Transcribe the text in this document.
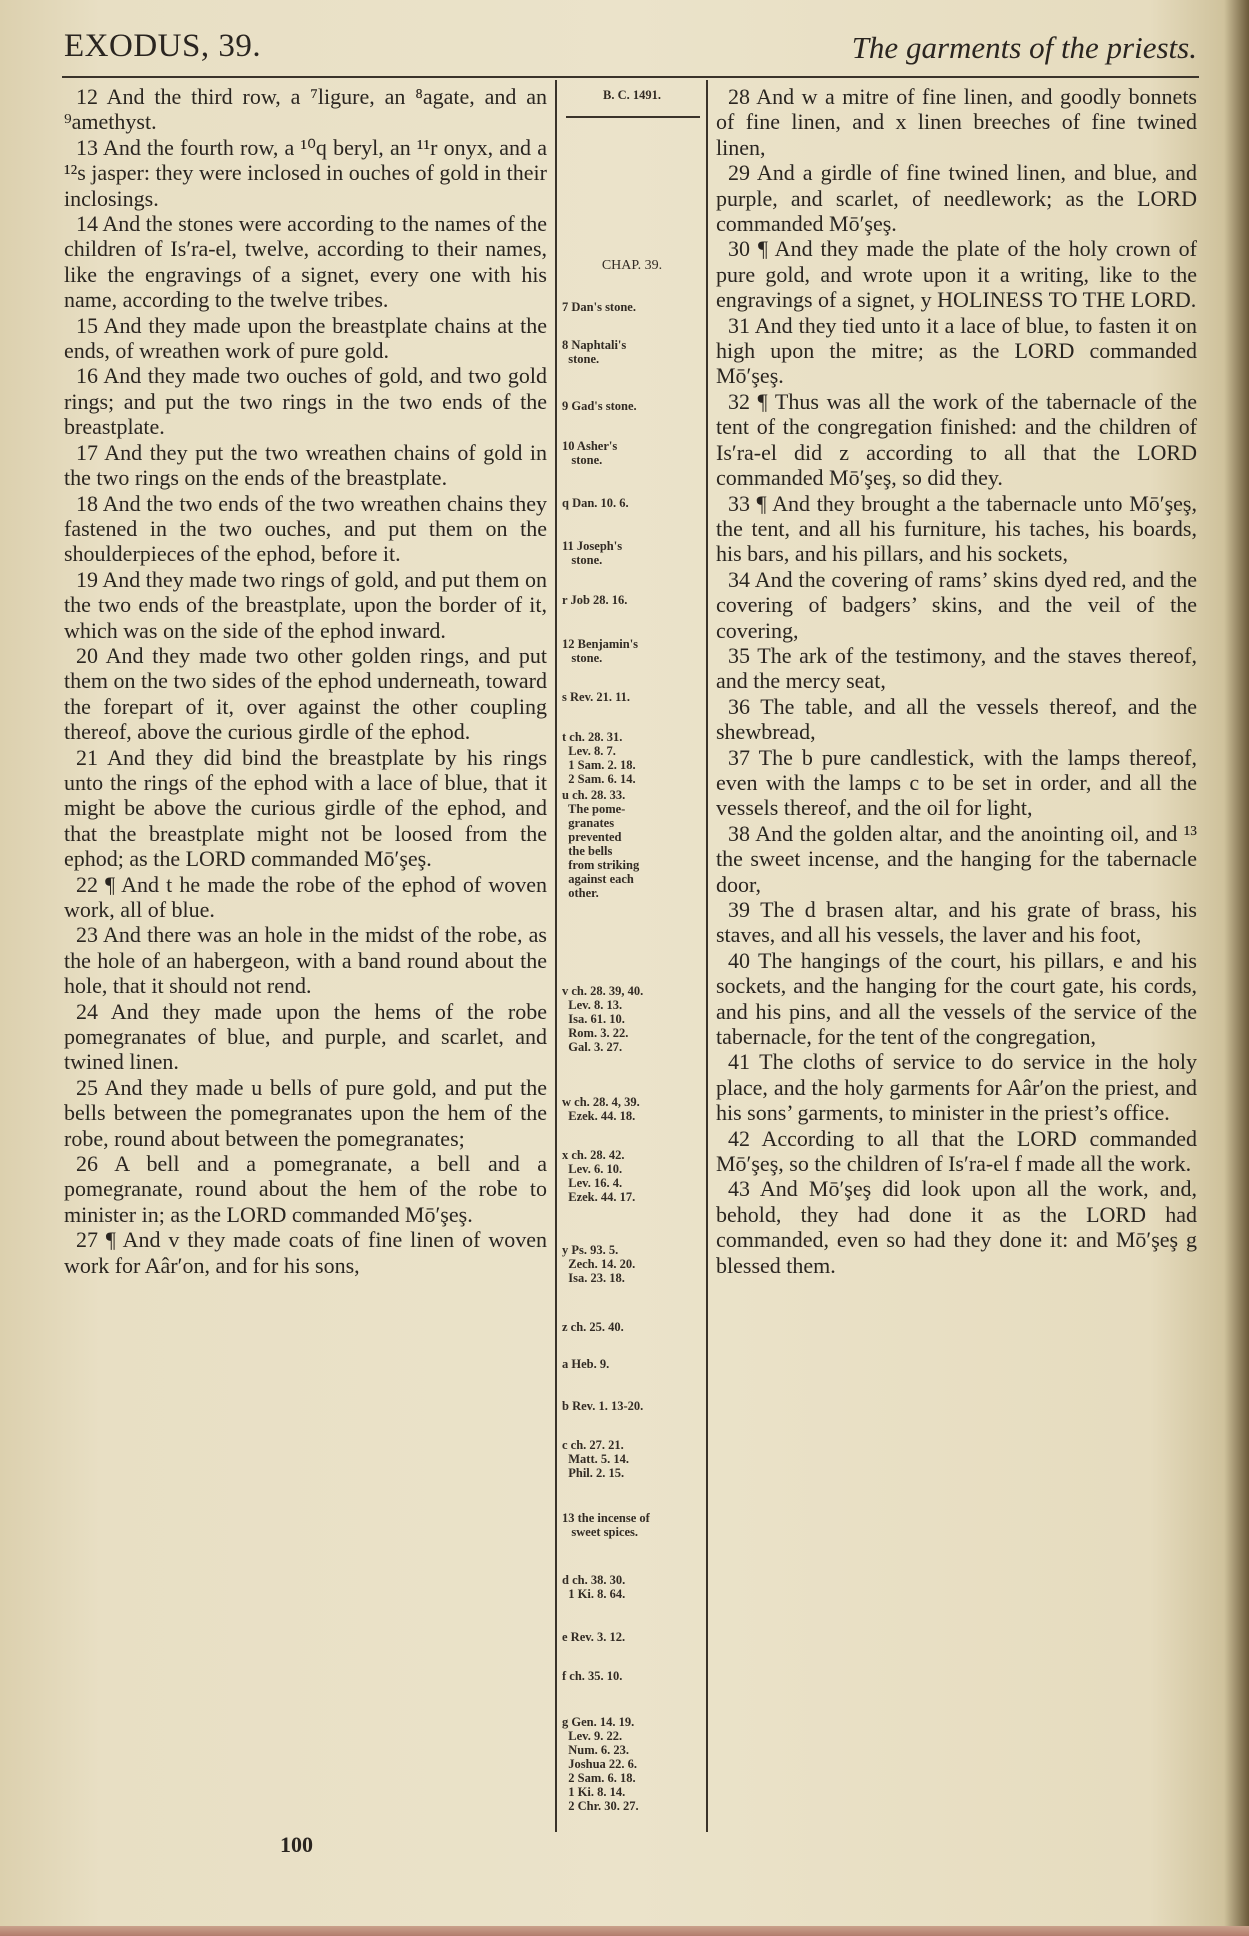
EXODUS, 39.	The garments of the priests.

12 And the third row, a ⁷ligure, an ⁸agate, and an ⁹amethyst.

13 And the fourth row, a ¹⁰q beryl, an ¹¹r onyx, and a ¹²s jasper: they were inclosed in ouches of gold in their inclosings.

14 And the stones were according to the names of the children of Is′ra-el, twelve, according to their names, like the engravings of a signet, every one with his name, according to the twelve tribes.

15 And they made upon the breastplate chains at the ends, of wreathen work of pure gold.

16 And they made two ouches of gold, and two gold rings; and put the two rings in the two ends of the breastplate.

17 And they put the two wreathen chains of gold in the two rings on the ends of the breastplate.

18 And the two ends of the two wreathen chains they fastened in the two ouches, and put them on the shoulderpieces of the ephod, before it.

19 And they made two rings of gold, and put them on the two ends of the breastplate, upon the border of it, which was on the side of the ephod inward.

20 And they made two other golden rings, and put them on the two sides of the ephod underneath, toward the forepart of it, over against the other coupling thereof, above the curious girdle of the ephod.

21 And they did bind the breastplate by his rings unto the rings of the ephod with a lace of blue, that it might be above the curious girdle of the ephod, and that the breastplate might not be loosed from the ephod; as the LORD commanded Mō′şeş.

22 ¶ And t he made the robe of the ephod of woven work, all of blue.

23 And there was an hole in the midst of the robe, as the hole of an habergeon, with a band round about the hole, that it should not rend.

24 And they made upon the hems of the robe pomegranates of blue, and purple, and scarlet, and twined linen.

25 And they made u bells of pure gold, and put the bells between the pomegranates upon the hem of the robe, round about between the pomegranates;

26 A bell and a pomegranate, a bell and a pomegranate, round about the hem of the robe to minister in; as the LORD commanded Mō′şeş.

27 ¶ And v they made coats of fine linen of woven work for Aâr′on, and for his sons,

B. C. 1491.
CHAP. 39.
7 Dan's stone.
8 Naphtali's
stone.
9 Gad's stone.
10 Asher's
stone.
q Dan. 10. 6.
11 Joseph's
stone.
r Job 28. 16.
12 Benjamin's
stone.
s Rev. 21. 11.
t ch. 28. 31.
Lev. 8. 7.
1 Sam. 2. 18.
2 Sam. 6. 14.
u ch. 28. 33.
The pome-
granates
prevented
the bells
from striking
against each
other.
v ch. 28. 39, 40.
Lev. 8. 13.
Isa. 61. 10.
Rom. 3. 22.
Gal. 3. 27.
w ch. 28. 4, 39.
Ezek. 44. 18.
x ch. 28. 42.
Lev. 6. 10.
Lev. 16. 4.
Ezek. 44. 17.
y Ps. 93. 5.
Zech. 14. 20.
Isa. 23. 18.
z ch. 25. 40.
a Heb. 9.
b Rev. 1. 13-20.
c ch. 27. 21.
Matt. 5. 14.
Phil. 2. 15.
13 the incense of
sweet spices.
d ch. 38. 30.
1 Ki. 8. 64.
e Rev. 3. 12.
f ch. 35. 10.
g Gen. 14. 19.
Lev. 9. 22.
Num. 6. 23.
Joshua 22. 6.
2 Sam. 6. 18.
1 Ki. 8. 14.
2 Chr. 30. 27.

28 And w a mitre of fine linen, and goodly bonnets of fine linen, and x linen breeches of fine twined linen,

29 And a girdle of fine twined linen, and blue, and purple, and scarlet, of needlework; as the LORD commanded Mō′şeş.

30 ¶ And they made the plate of the holy crown of pure gold, and wrote upon it a writing, like to the engravings of a signet, y HOLINESS TO THE LORD.

31 And they tied unto it a lace of blue, to fasten it on high upon the mitre; as the LORD commanded Mō′şeş.

32 ¶ Thus was all the work of the tabernacle of the tent of the congregation finished: and the children of Is′ra-el did z according to all that the LORD commanded Mō′şeş, so did they.

33 ¶ And they brought a the tabernacle unto Mō′şeş, the tent, and all his furniture, his taches, his boards, his bars, and his pillars, and his sockets,

34 And the covering of rams’ skins dyed red, and the covering of badgers’ skins, and the veil of the covering,

35 The ark of the testimony, and the staves thereof, and the mercy seat,

36 The table, and all the vessels thereof, and the shewbread,

37 The b pure candlestick, with the lamps thereof, even with the lamps c to be set in order, and all the vessels thereof, and the oil for light,

38 And the golden altar, and the anointing oil, and ¹³ the sweet incense, and the hanging for the tabernacle door,

39 The d brasen altar, and his grate of brass, his staves, and all his vessels, the laver and his foot,

40 The hangings of the court, his pillars, e and his sockets, and the hanging for the court gate, his cords, and his pins, and all the vessels of the service of the tabernacle, for the tent of the congregation,

41 The cloths of service to do service in the holy place, and the holy garments for Aâr′on the priest, and his sons’ garments, to minister in the priest’s office.

42 According to all that the LORD commanded Mō′şeş, so the children of Is′ra-el f made all the work.

43 And Mō′şeş did look upon all the work, and, behold, they had done it as the LORD had commanded, even so had they done it: and Mō′şeş g blessed them.

100
